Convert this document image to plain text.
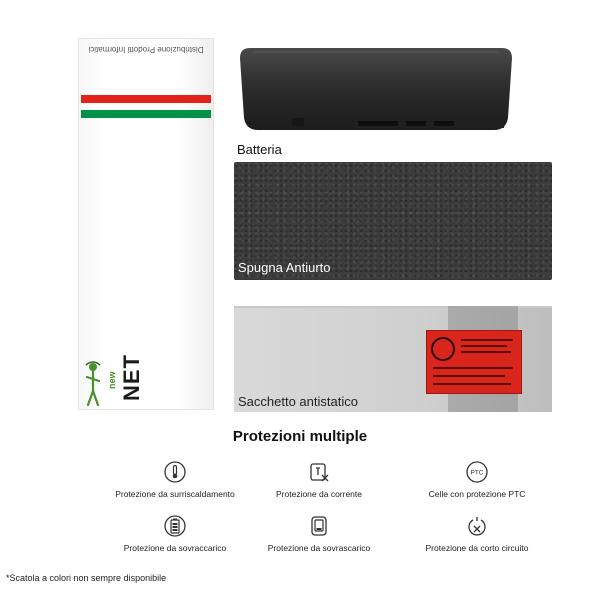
Distribuzione Prodotti Informatici
new NET
Batteria
Spugna Antiurto
Sacchetto antistatico
Protezioni multiple
Protezione da surriscaldamento	Protezione da corrente
PTC
Celle con protezione PTC
Protezione da sovraccarico	Protezione da sovrascarico	Protezione da corto circuito
*Scatola a colori non sempre disponibile
